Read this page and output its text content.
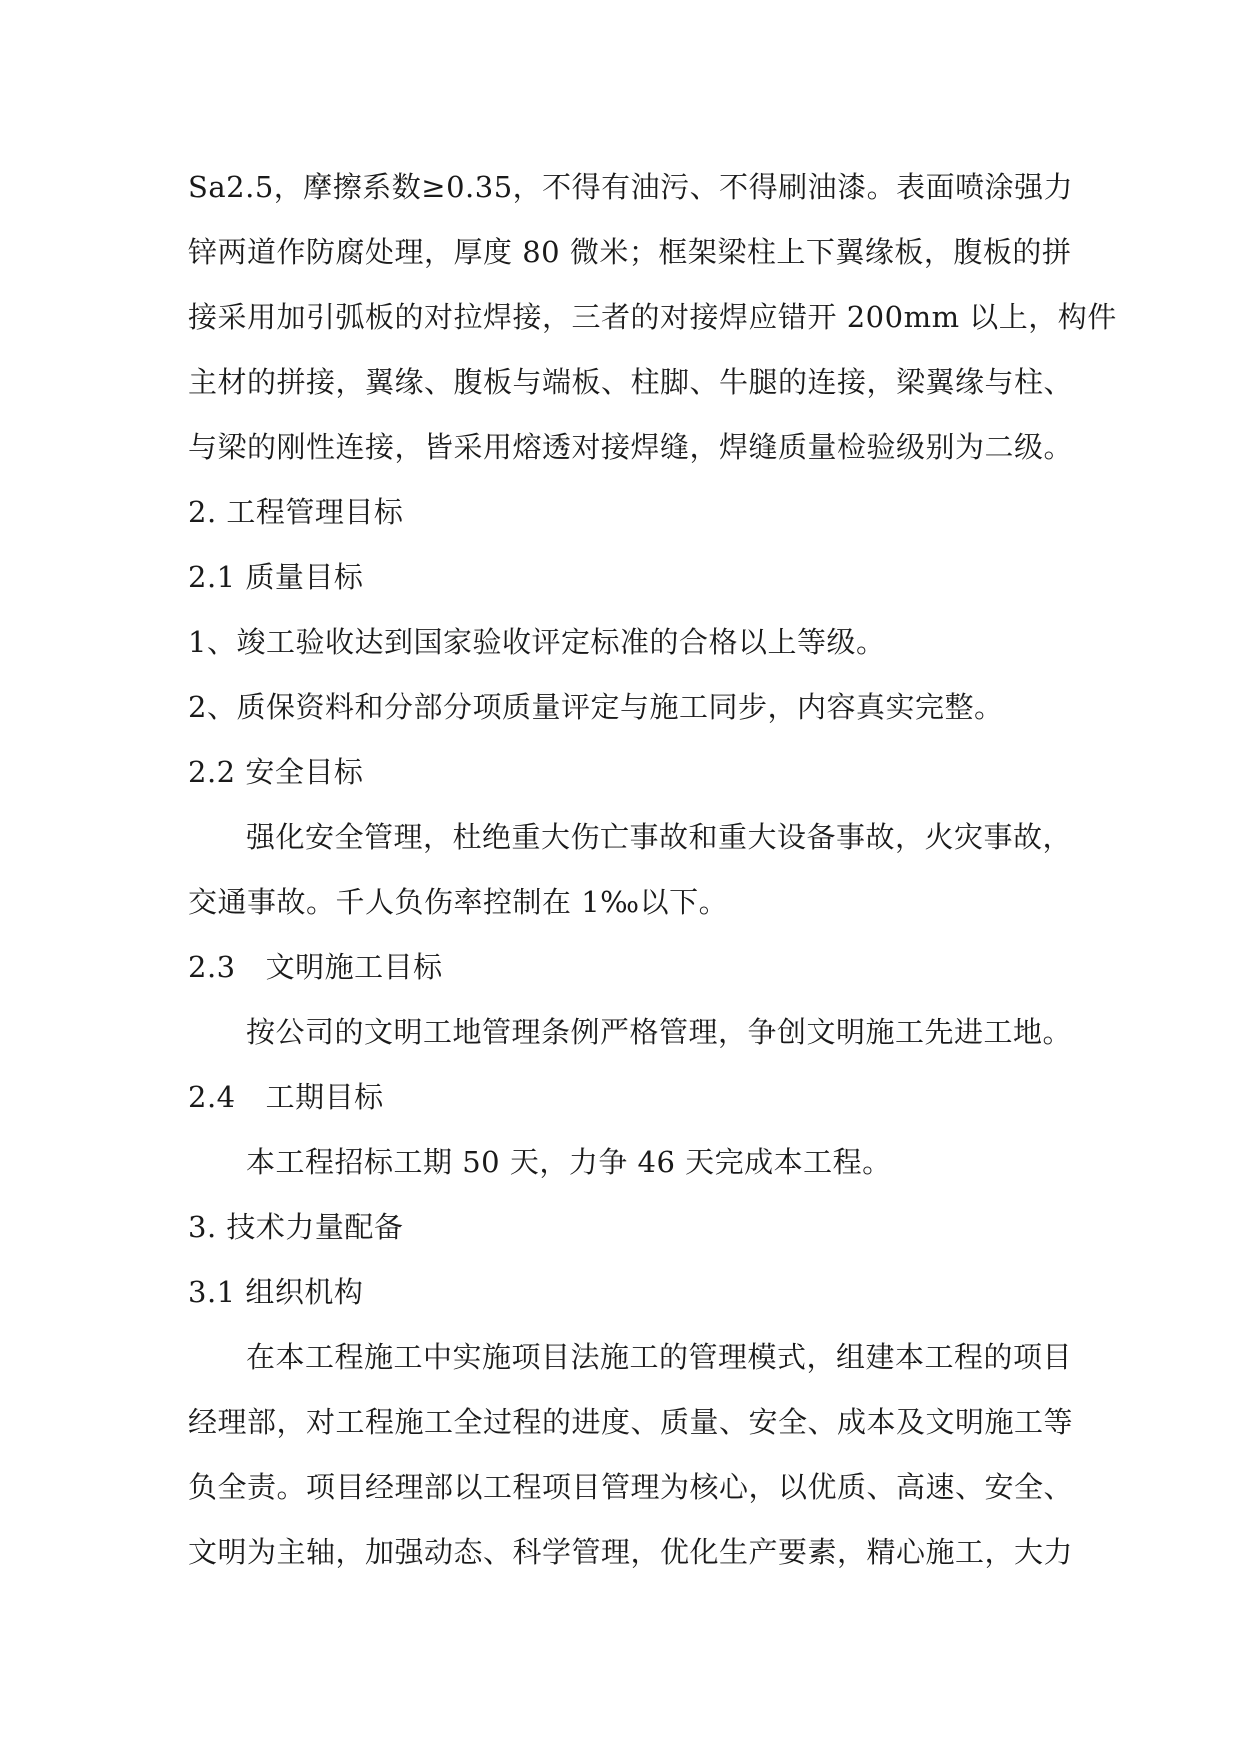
Sa2.5，摩擦系数≥0.35，不得有油污、不得刷油漆。表面喷涂强力
锌两道作防腐处理，厚度 80 微米；框架梁柱上下翼缘板，腹板的拼
接采用加引弧板的对拉焊接，三者的对接焊应错开 200mm 以上，构件
主材的拼接，翼缘、腹板与端板、柱脚、牛腿的连接，梁翼缘与柱、
与梁的刚性连接，皆采用熔透对接焊缝，焊缝质量检验级别为二级。
2. 工程管理目标
2.1 质量目标
1、竣工验收达到国家验收评定标准的合格以上等级。
2、质保资料和分部分项质量评定与施工同步，内容真实完整。
2.2 安全目标
强化安全管理，杜绝重大伤亡事故和重大设备事故，火灾事故，
交通事故。千人负伤率控制在 1‰以下。
2.3 文明施工目标
按公司的文明工地管理条例严格管理，争创文明施工先进工地。
2.4 工期目标
本工程招标工期 50 天，力争 46 天完成本工程。
3. 技术力量配备
3.1 组织机构
在本工程施工中实施项目法施工的管理模式，组建本工程的项目
经理部，对工程施工全过程的进度、质量、安全、成本及文明施工等
负全责。项目经理部以工程项目管理为核心，以优质、高速、安全、
文明为主轴，加强动态、科学管理，优化生产要素，精心施工，大力
